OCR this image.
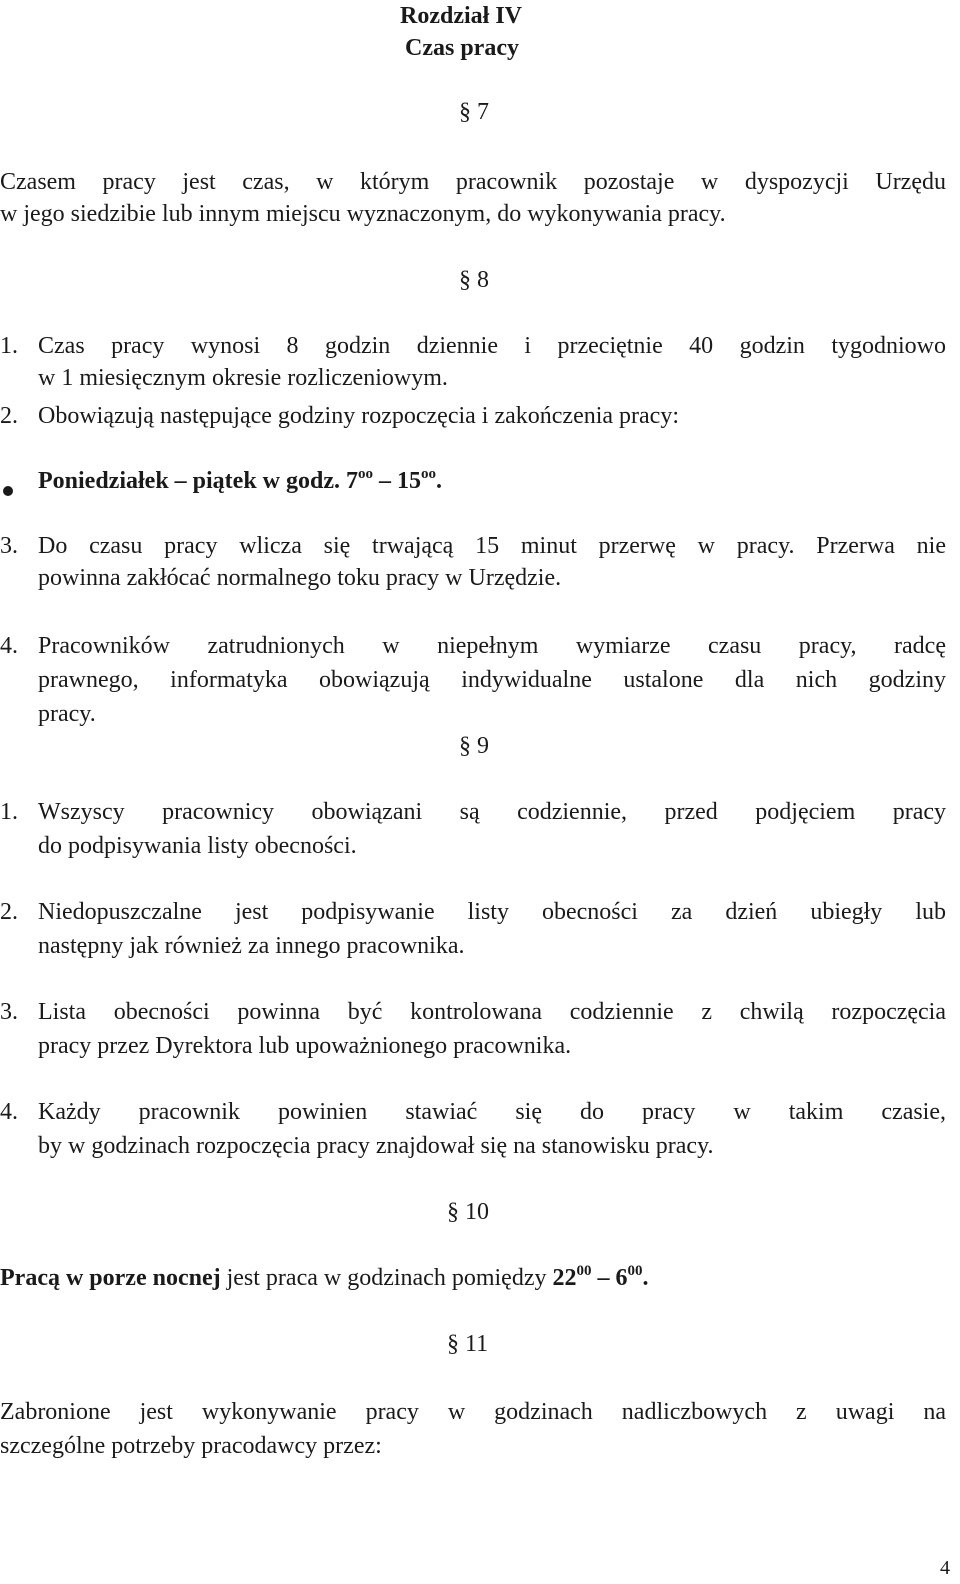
Rozdział IV
Czas pracy
§ 7
Czasem pracy jest czas, w którym pracownik pozostaje w dyspozycji Urzędu
w jego siedzibie lub innym miejscu wyznaczonym, do wykonywania pracy.
§ 8
1. Czas pracy wynosi 8 godzin dziennie i przeciętnie 40 godzin tygodniowo
w 1 miesięcznym okresie rozliczeniowym.
2. Obowiązują następujące godziny rozpoczęcia i zakończenia pracy:
Poniedziałek – piątek w godz. $7^{oo} - 15^{oo}$.
3. Do czasu pracy wlicza się trwającą 15 minut przerwę w pracy. Przerwa nie
powinna zakłócać normalnego toku pracy w Urzędzie.
4. Pracowników zatrudnionych w niepełnym wymiarze czasu pracy, radcę
prawnego, informatyka obowiązują indywidualne ustalone dla nich godziny
pracy.
§ 9
1. Wszyscy pracownicy obowiązani są codziennie, przed podjęciem pracy
do podpisywania listy obecności.
2. Niedopuszczalne jest podpisywanie listy obecności za dzień ubiegły lub
następny jak również za innego pracownika.
3. Lista obecności powinna być kontrolowana codziennie z chwilą rozpoczęcia
pracy przez Dyrektora lub upoważnionego pracownika.
4. Każdy pracownik powinien stawiać się do pracy w takim czasie,
by w godzinach rozpoczęcia pracy znajdował się na stanowisku pracy.
§ 10
Pracą w porze nocnej jest praca w godzinach pomiędzy $22^{00} - 6^{00}$.
§ 11
Zabronione jest wykonywanie pracy w godzinach nadliczbowych z uwagi na
szczególne potrzeby pracodawcy przez:
4
